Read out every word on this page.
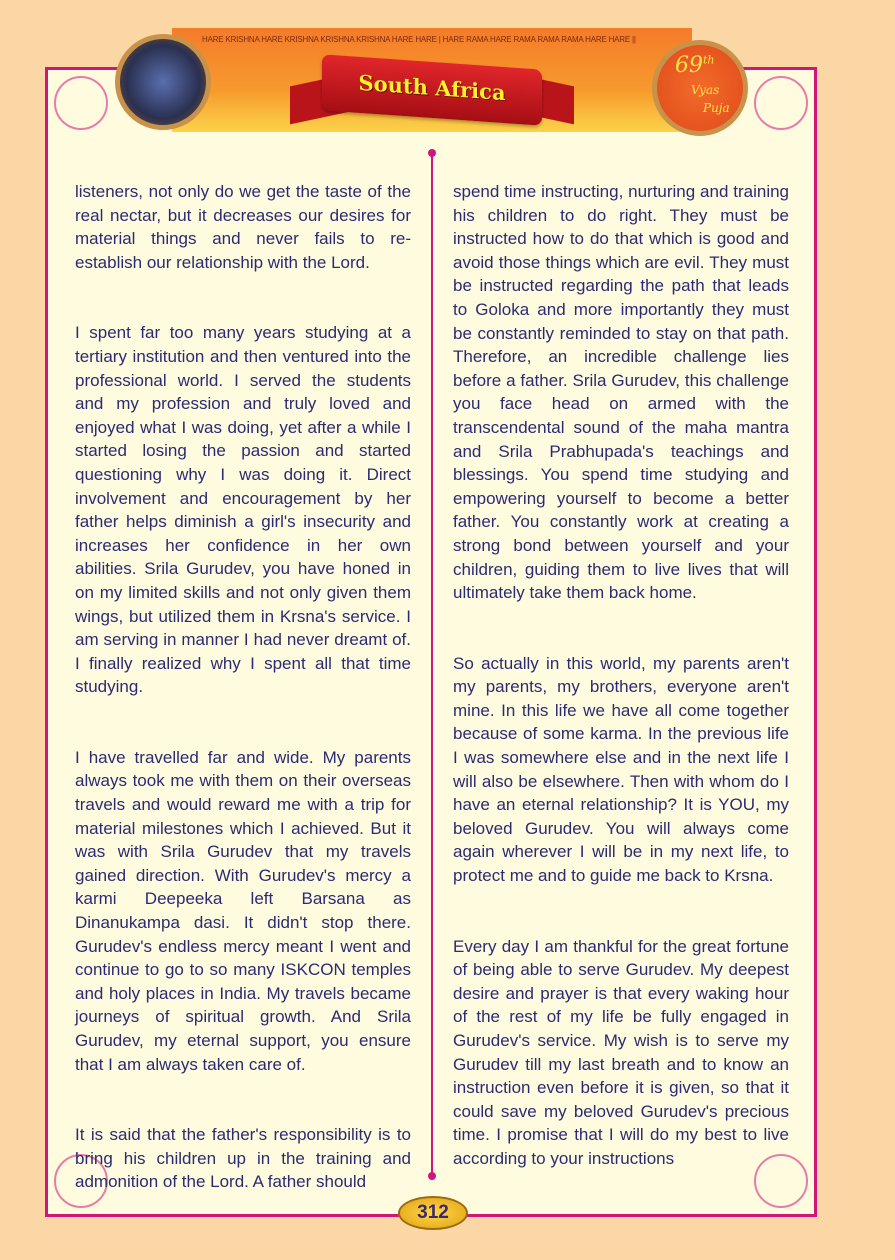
HARE KRISHNA HARE KRISHNA KRISHNA KRISHNA HARE HARE | HARE RAMA HARE RAMA RAMA RAMA HARE HARE ||
South Africa
69th
Vyas
Puja

listeners, not only do we get the taste of the real nectar, but it decreases our desires for material things and never fails to re-establish our relationship with the Lord.

I spent far too many years studying at a tertiary institution and then ventured into the professional world. I served the students and my profession and truly loved and enjoyed what I was doing, yet after a while I started losing the passion and started questioning why I was doing it. Direct involvement and encouragement by her father helps diminish a girl's insecurity and increases her confidence in her own abilities. Srila Gurudev, you have honed in on my limited skills and not only given them wings, but utilized them in Krsna's service. I am serving in manner I had never dreamt of. I finally realized why I spent all that time studying.

I have travelled far and wide. My parents always took me with them on their overseas travels and would reward me with a trip for material milestones which I achieved. But it was with Srila Gurudev that my travels gained direction. With Gurudev's mercy a karmi Deepeeka left Barsana as Dinanukampa dasi. It didn't stop there. Gurudev's endless mercy meant I went and continue to go to so many ISKCON temples and holy places in India. My travels became journeys of spiritual growth. And Srila Gurudev, my eternal support, you ensure that I am always taken care of.

It is said that the father's responsibility is to bring his children up in the training and admonition of the Lord. A father should

spend time instructing, nurturing and training his children to do right. They must be instructed how to do that which is good and avoid those things which are evil. They must be instructed regarding the path that leads to Goloka and more importantly they must be constantly reminded to stay on that path. Therefore, an incredible challenge lies before a father. Srila Gurudev, this challenge you face head on armed with the transcendental sound of the maha mantra and Srila Prabhupada's teachings and blessings. You spend time studying and empowering yourself to become a better father. You constantly work at creating a strong bond between yourself and your children, guiding them to live lives that will ultimately take them back home.

So actually in this world, my parents aren't my parents, my brothers, everyone aren't mine. In this life we have all come together because of some karma. In the previous life I was somewhere else and in the next life I will also be elsewhere. Then with whom do I have an eternal relationship? It is YOU, my beloved Gurudev. You will always come again wherever I will be in my next life, to protect me and to guide me back to Krsna.

Every day I am thankful for the great fortune of being able to serve Gurudev. My deepest desire and prayer is that every waking hour of the rest of my life be fully engaged in Gurudev's service. My wish is to serve my Gurudev till my last breath and to know an instruction even before it is given, so that it could save my beloved Gurudev's precious time. I promise that I will do my best to live according to your instructions

312
